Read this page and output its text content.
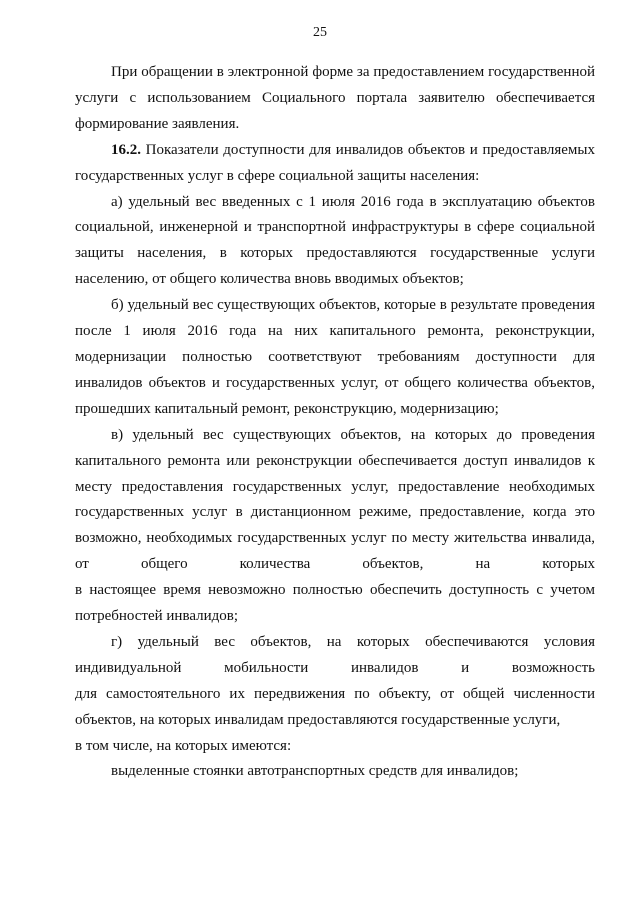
25

При обращении в электронной форме за предоставлением государственной услуги с использованием Социального портала заявителю обеспечивается формирование заявления.

16.2. Показатели доступности для инвалидов объектов и предоставляемых государственных услуг в сфере социальной защиты населения:

а) удельный вес введенных с 1 июля 2016 года в эксплуатацию объектов социальной, инженерной и транспортной инфраструктуры в сфере социальной защиты населения, в которых предоставляются государственные услуги населению, от общего количества вновь вводимых объектов;

б) удельный вес существующих объектов, которые в результате проведения после 1 июля 2016 года на них капитального ремонта, реконструкции, модернизации полностью соответствуют требованиям доступности для инвалидов объектов и государственных услуг, от общего количества объектов, прошедших капитальный ремонт, реконструкцию, модернизацию;

в) удельный вес существующих объектов, на которых до проведения капитального ремонта или реконструкции обеспечивается доступ инвалидов к месту предоставления государственных услуг, предоставление необходимых государственных услуг в дистанционном режиме, предоставление, когда это возможно, необходимых государственных услуг по месту жительства инвалида, от общего количества объектов, на которых

в настоящее время невозможно полностью обеспечить доступность с учетом потребностей инвалидов;

г) удельный вес объектов, на которых обеспечиваются условия индивидуальной мобильности инвалидов и возможность

для самостоятельного их передвижения по объекту, от общей численности объектов, на которых инвалидам предоставляются государственные услуги,

в том числе, на которых имеются:

выделенные стоянки автотранспортных средств для инвалидов;
